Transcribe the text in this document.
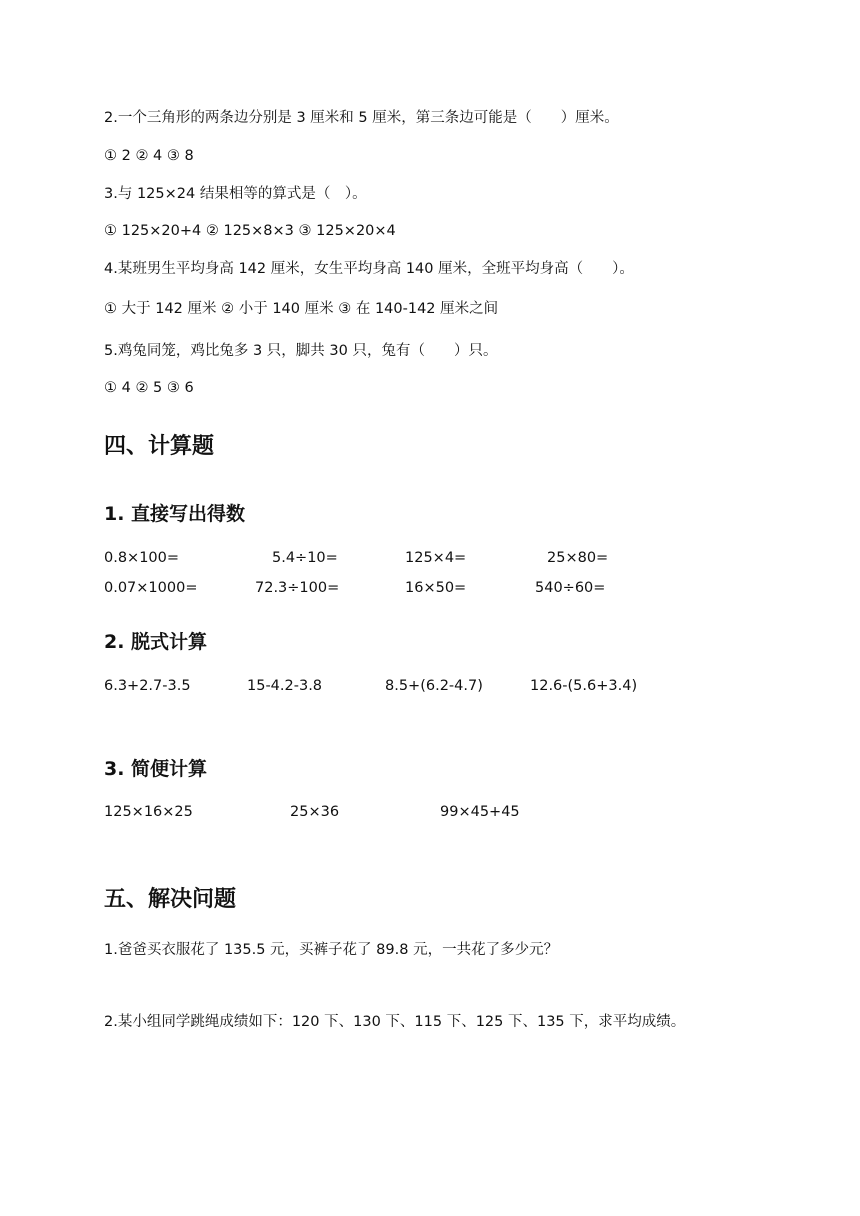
2.一个三角形的两条边分别是 3 厘米和 5 厘米，第三条边可能是（　　）厘米。
① 2 ② 4 ③ 8
3.与 125×24 结果相等的算式是（　）。
① 125×20+4 ② 125×8×3 ③ 125×20×4
4.某班男生平均身高 142 厘米，女生平均身高 140 厘米，全班平均身高（　　）。
① 大于 142 厘米 ② 小于 140 厘米 ③ 在 140-142 厘米之间
5.鸡兔同笼，鸡比兔多 3 只，脚共 30 只，兔有（　　）只。
① 4 ② 5 ③ 6
四、计算题
1. 直接写出得数
0.8×100=	5.4÷10=	125×4=	25×80=
0.07×1000=	72.3÷100=	16×50=	540÷60=
2. 脱式计算
6.3+2.7-3.5	15-4.2-3.8	8.5+(6.2-4.7)	12.6-(5.6+3.4)
3. 简便计算
125×16×25	25×36	99×45+45
五、解决问题
1.爸爸买衣服花了 135.5 元，买裤子花了 89.8 元，一共花了多少元？
2.某小组同学跳绳成绩如下：120 下、130 下、115 下、125 下、135 下，求平均成绩。
